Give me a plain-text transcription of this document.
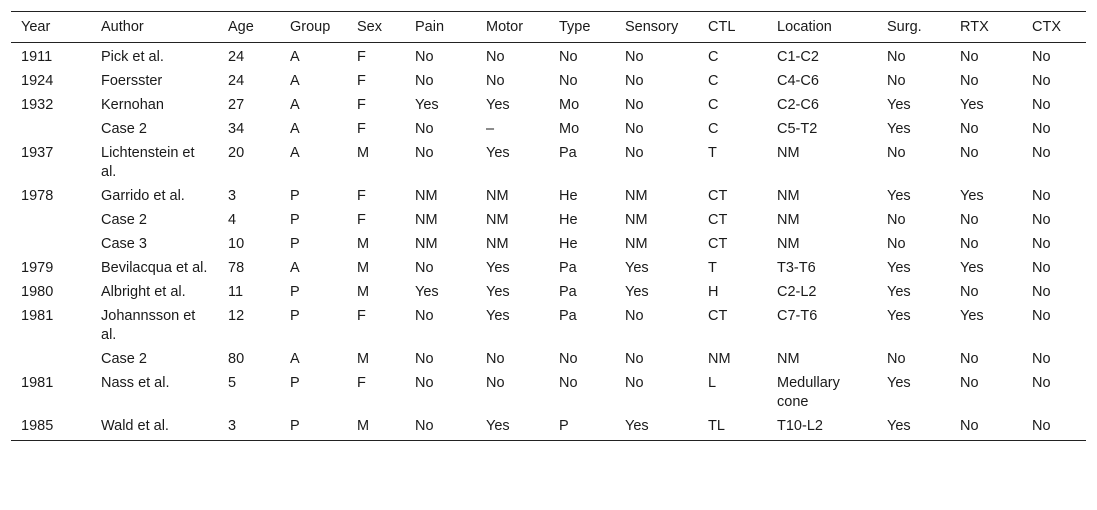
Year	Author	Age	Group	Sex	Pain	Motor	Type	Sensory	CTL	Location	Surg.	RTX	CTX
1911	Pick et al.	24	A	F	No	No	No	No	C	C1-C2	No	No	No
1924	Foersster	24	A	F	No	No	No	No	C	C4-C6	No	No	No
1932	Kernohan	27	A	F	Yes	Yes	Mo	No	C	C2-C6	Yes	Yes	No
	Case 2	34	A	F	No	–	Mo	No	C	C5-T2	Yes	No	No
1937	Lichtenstein et al.	20	A	M	No	Yes	Pa	No	T	NM	No	No	No
1978	Garrido et al.	3	P	F	NM	NM	He	NM	CT	NM	Yes	Yes	No
	Case 2	4	P	F	NM	NM	He	NM	CT	NM	No	No	No
	Case 3	10	P	M	NM	NM	He	NM	CT	NM	No	No	No
1979	Bevilacqua et al.	78	A	M	No	Yes	Pa	Yes	T	T3-T6	Yes	Yes	No
1980	Albright et al.	11	P	M	Yes	Yes	Pa	Yes	H	C2-L2	Yes	No	No
1981	Johannsson et al.	12	P	F	No	Yes	Pa	No	CT	C7-T6	Yes	Yes	No
	Case 2	80	A	M	No	No	No	No	NM	NM	No	No	No
1981	Nass et al.	5	P	F	No	No	No	No	L	Medullary cone	Yes	No	No
1985	Wald et al.	3	P	M	No	Yes	P	Yes	TL	T10-L2	Yes	No	No
